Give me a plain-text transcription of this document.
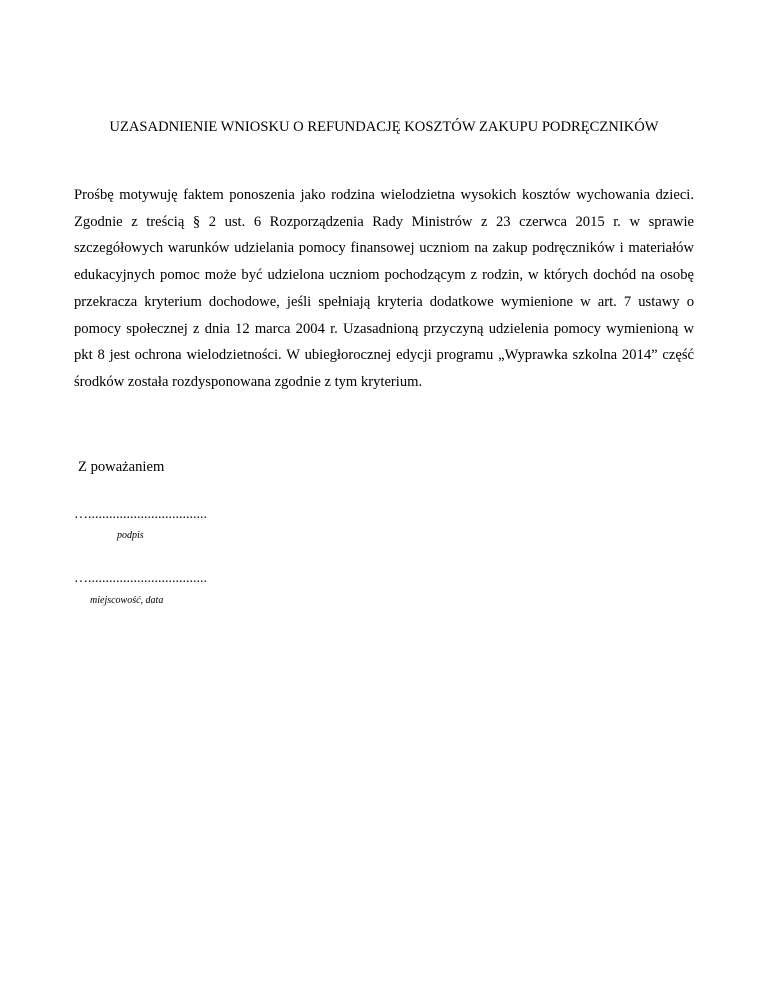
UZASADNIENIE WNIOSKU O REFUNDACJĘ KOSZTÓW ZAKUPU PODRĘCZNIKÓW

Prośbę motywuję faktem ponoszenia jako rodzina wielodzietna wysokich kosztów wychowania dzieci. Zgodnie z treścią § 2 ust. 6 Rozporządzenia Rady Ministrów z 23 czerwca 2015 r. w sprawie szczegółowych warunków udzielania pomocy finansowej uczniom na zakup podręczników i materiałów edukacyjnych pomoc może być udzielona uczniom pochodzącym z rodzin, w których dochód na osobę przekracza kryterium dochodowe, jeśli spełniają kryteria dodatkowe wymienione w art. 7 ustawy o pomocy społecznej z dnia 12 marca 2004 r. Uzasadnioną przyczyną udzielenia pomocy wymienioną w pkt 8 jest ochrona wielodzietności. W ubiegłorocznej edycji programu „Wyprawka szkolna 2014” część środków została rozdysponowana zgodnie z tym kryterium.

Z poważaniem
…..................................
podpis
…..................................
miejscowość, data
